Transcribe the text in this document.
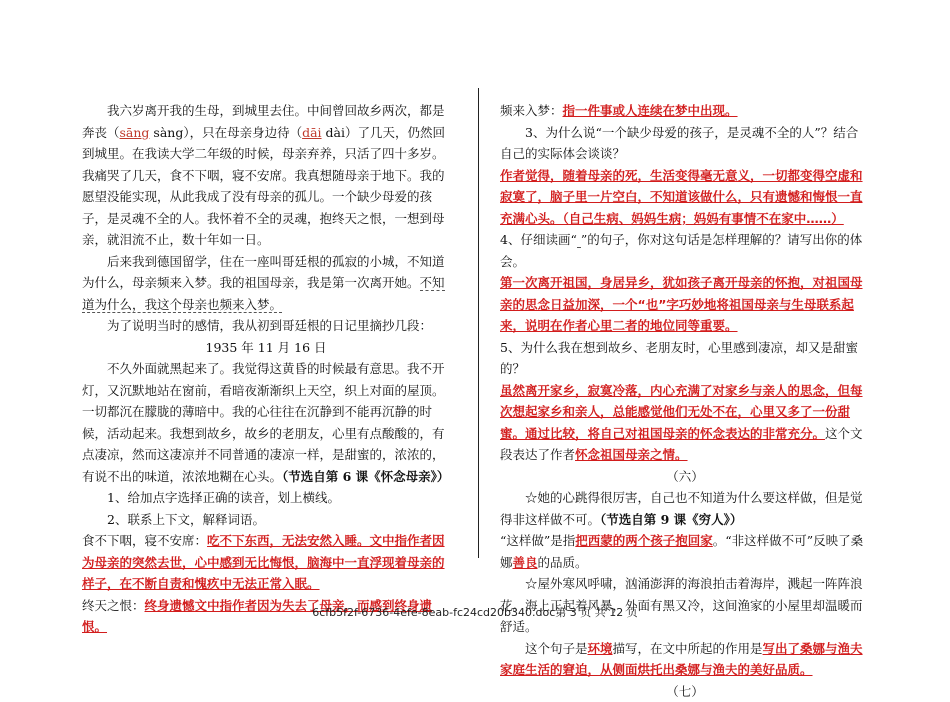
我六岁离开我的生母，到城里去住。中间曾回故乡两次，都是奔丧（sāng sàng），只在母亲身边待（dāi dài）了几天，仍然回到城里。在我读大学二年级的时候，母亲弃养，只活了四十多岁。我痛哭了几天，食不下咽，寝不安席。我真想随母亲于地下。我的愿望没能实现，从此我成了没有母亲的孤儿。一个缺少母爱的孩子，是灵魂不全的人。我怀着不全的灵魂，抱终天之恨，一想到母亲，就泪流不止，数十年如一日。

后来我到德国留学，住在一座叫哥廷根的孤寂的小城，不知道为什么，母亲频来入梦。我的祖国母亲，我是第一次离开她。不知道为什么，我这个母亲也频来入梦。

为了说明当时的感情，我从初到哥廷根的日记里摘抄几段：

1935 年 11 月 16 日

不久外面就黑起来了。我觉得这黄昏的时候最有意思。我不开灯，又沉默地站在窗前，看暗夜渐渐织上天空，织上对面的屋顶。一切都沉在朦胧的薄暗中。我的心往往在沉静到不能再沉静的时候，活动起来。我想到故乡，故乡的老朋友，心里有点酸酸的，有点凄凉，然而这凄凉并不同普通的凄凉一样，是甜蜜的，浓浓的，有说不出的味道，浓浓地糊在心头。（节选自第 6 课《怀念母亲》）

1、给加点字选择正确的读音，划上横线。

2、联系上下文，解释词语。

食不下咽，寝不安席：吃不下东西，无法安然入睡。文中指作者因为母亲的突然去世，心中感到无比悔恨，脑海中一直浮现着母亲的样子，在不断自责和愧疚中无法正常入眠。

终天之恨：终身遗憾文中指作者因为失去了母亲，而感到终身遗恨。

频来入梦：指一件事或人连续在梦中出现。

3、为什么说“一个缺少母爱的孩子，是灵魂不全的人”？结合自己的实际体会谈谈？

作者觉得，随着母亲的死，生活变得毫无意义，一切都变得空虚和寂寞了，脑子里一片空白，不知道该做什么，只有遗憾和悔恨一直充满心头。（自己生病、妈妈生病；妈妈有事情不在家中……）

4、仔细读画“ ”的句子，你对这句话是怎样理解的？请写出你的体会。

第一次离开祖国，身居异乡，犹如孩子离开母亲的怀抱，对祖国母亲的思念日益加深，一个“也”字巧妙地将祖国母亲与生母联系起来，说明在作者心里二者的地位同等重要。

5、为什么我在想到故乡、老朋友时，心里感到凄凉，却又是甜蜜的？

虽然离开家乡，寂寞冷落，内心充满了对家乡与亲人的思念，但每次想起家乡和亲人，总能感觉他们无处不在，心里又多了一份甜蜜。通过比较，将自己对祖国母亲的怀念表达的非常充分。这个文段表达了作者怀念祖国母亲之情。

（六）

☆她的心跳得很厉害，自己也不知道为什么要这样做，但是觉得非这样做不可。（节选自第 9 课《穷人》）

“这样做”是指把西蒙的两个孩子抱回家。“非这样做不可”反映了桑娜善良的品质。

☆屋外寒风呼啸，汹涌澎湃的海浪拍击着海岸，溅起一阵阵浪花。海上正起着风暴，外面有黑又冷，这间渔家的小屋里却温暖而舒适。

这个句子是环境描写，在文中所起的作用是写出了桑娜与渔夫家庭生活的窘迫，从侧面烘托出桑娜与渔夫的美好品质。

（七）

6cfb5f2f-6736-4efe-8eab-fc24cd20b340.doc第 3 页 共 12 页
